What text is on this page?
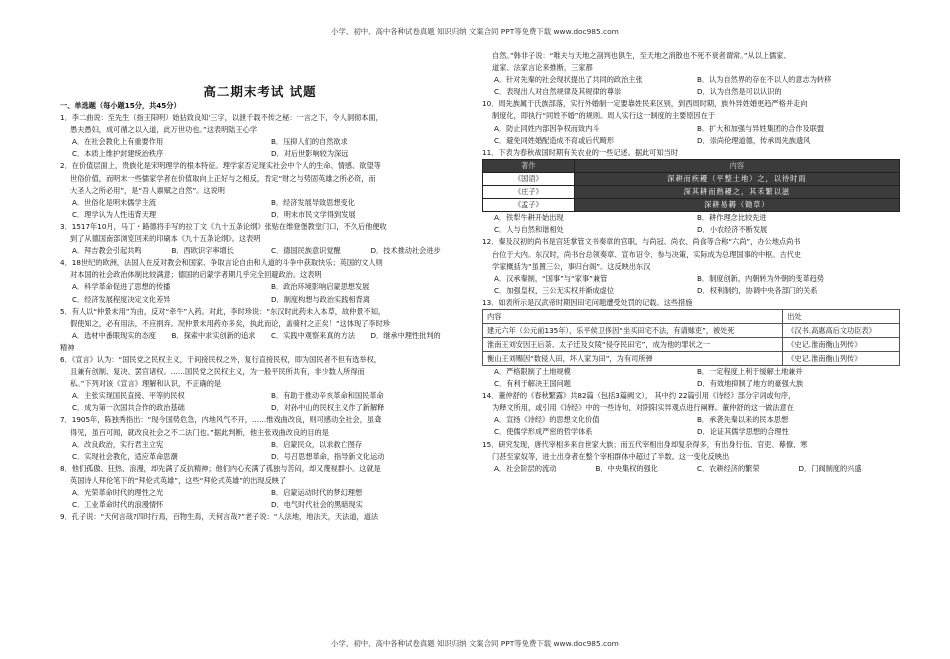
小学、初中、高中各种试卷真题 知识归纳 文案合同 PPT等免费下载 www.doc985.com
高二期末考试 试题

一、单选题（每小题15分，共45分）

1．李二曲说：至先生（指王阳明）始拈致良知'三字，以泄千载不传之秘：一言之下，令人洞彻本面，

愚夫愚妇，成可循之以入道，此万世功也。”这表明陆王心学

A．在社会教化上有重要作用	B．压抑人们的自然欲求
C．本质上维护封建统治秩序	D．对后世影响较为深远

2．在价值层面上，贵族化是宋明理学的根本特征。理学家否定现实社会中个人的生命、情感、欲望等

世俗价值，而明末一些儒家学者在价值取向上正好与之相反，肯定“财之与势固英雄之所必资，而

大圣人之所必用”，是“吾人禀赋之自然”。这说明

A．世俗化是明末儒学主流	B．经济发展导致思想变化
C．理学认为人性违背天理	D．明末市民文学得到发展

3．1517年10月，马丁・路德将手写的拉丁文《九十五条论纲》张贴在维登堡教堂门口，不久后他便收

到了从德国南部浏览回来的印刷本《九十五条论纲》。这表明

A．拜吉教会引起共鸣	B．西欧识字率增长	C．德国民族意识觉醒	D．技术推动社会进步

4．18世纪的欧洲，法国人在反对教会和国家、争取言论自由和人道的斗争中获取快乐；英国的文人则

对本国的社会政治体制比较满意；德国的启蒙学者期几乎完全回避政治。这表明

A．科学革命促进了思想的传播	B．政治环境影响启蒙思想发展
C．经济发展程度决定文化差异	D．制度构想与政治实践相背离

5．有人以“仲景未用”为由，反对“牵牛”入药。对此，李时珍说：“东汉时此药未入本草，故仲景不知，

假使知之，必有用法，不应捐弃。况仲景未用药亦多矣，执此而论，盖骑村之正矣！”这体现了李时珍

A．选材中番眼现实的态度	B．探索中求实创新的追求	C．实践中观察来真的方法	D．继承中理性批判的

精神

6．《宣言》认为：“国民党之民权主义，于间接民权之外，复行直接民权，即为国民者不但有选举权，

且兼有创制、复决、罢官诸权。……国民党之民权主义，为一般平民所共有，非少数人所得而

私。”下列对该《宣言》理解和认识，不正确的是

A．主张实现国民直接、平等的民权	B．有助于推动辛亥革命和国民革命
C．成为第一次国共合作的政治基础	D．对孙中山的民权主义作了新解释

7．1905年，陈独秀指出：“现今国势危急，内地风气不开，……惟戏曲改良，则可感动全社会，虽聋

得见，虽百可闻，就改良社会之不二法门也。”据此判断，他主张戏曲改良的目的是

A．改良政治，实行君主立宪	B．启蒙民众，以求救亡图存
C．实现社会教化，适应革命思潮	D．号召思想革命，指导新文化运动

8．他们孤傲、狂热、浪漫，却先满了反抗精神；他们内心充满了孤独与苦闷，却又蔑视群小。这就是

英国诗人拜伦笔下的“拜伦式英雄”，这些“拜伦式英雄”的出现反映了

A．光荣革命时代的理性之光	B．启蒙运动时代的梦幻理想
C．工业革命时代的浪漫情怀	D．电气时代社会的黑暗现实

9．孔子说：“天何言哉?四时行焉，百物生焉，天何言哉?”老子说：“人法地，地法天，天法道，道法

自然。”韩非子说：“唯夫与天地之剖判也俱生，至天地之消散也不死不衰者谓常。”从以上儒家、

道家、法家言论来推断，三家都

A．针对先秦的社会现状提出了共同的政治主张	B．认为自然界的存在不以人的意志为转移
C．表现出人对自然规律及其规律的尊崇	D．认为自然是可以认识的

10．周先族属于氏族部落，实行外婚制一定要靠姓民来区别，到西周时期，族外异姓婚更趋严格并走向

制度化，即执行“同姓不婚”的规则。周人实行这一制度的主要原因在于

A．防止同姓内部因争权而致内斗	B．扩大和加强与异姓集团的合作及联盟
C．避免同姓婚配造成不育或后代畸形	D．崇尚伦理道德，传承周先族遗风

11．下表为春秋战国时期有关农业的一些记述。据此可知当时

著作	内容
《国语》	深耕而疾耰（平整土地）之，以待时雨
《庄子》	深其耕而熟耰之，其禾繁以滋
《孟子》	深耕易耨（锄草）
A．铁犁牛耕开始出现	B．耕作理念比较先进
C．人与自然和谐相处	D．小农经济不断发展

12．秦及汉初的尚书是宫廷掌管文书奏章的官职，与尚冠、尚衣、尚食等合称“六尚”，办公地点尚书

台位于大内。东汉时，尚书台总领奏章、宣布诏令、参与决策，实际成为总理国事的中枢。古代史

学家概括为“虽置三公，事归台阁”。这反映出东汉

A．汉承秦制，“国事”与“家事”兼管	B．制度创新，内朝转为外朝的变革趋势
C．加强皇权，三公无实权并渐成虚位	D．权利制约，协调中央各部门的关系

13．如表所示是汉武帝时期因田宅问题遭受处罚的记载。这些措施

内容	出处
建元六年（公元前135年），乐平侯卫侈因“坐买田宅不法，有请赇吏”，被处死	《汉书.高惠高后文功臣表》
淮南王刘安因王后荼、太子迁及女陵“侵夺民田宅”，成为他的罪状之一	《史记.淮南衡山列传》
衡山王刘赐因“数侵人田，坏人家为田”，为有司所弹	《史记.淮南衡山列传》
A．严格限制了土地规模	B．一定程度上利于缓解土地兼并
C．有利于解决王国问题	D．有效地抑制了地方的豪强大族

14．董仲舒的《春秋繁露》共82篇（包括3篇阙文）， 其中约 22篇引用《诗经》部分字词或句序，

为释文所用，或引用《诗经》中的一些诗句，对阴阳实异观点进行阐释。董仲舒的这一做法意在

A．宣扬《诗经》的思想文化价值	B．承袭先秦以来的民本思想
C．使儒学形成严密的哲学体系	D．论证其儒学思想的合理性

15．研究发现，唐代宰相多来自世家大族；而五代宰相出身却复杂得多，有出身行伍、官吏、幕僚、寒

门甚至家奴等，进士出身者在整个宰相群体中超过了半数。这一变化反映出

A．社会阶层的流动	B．中央集权的强化	C．农耕经济的繁荣	D．门阀制度的兴盛
小学、初中、高中各种试卷真题 知识归纳 文案合同 PPT等免费下载 www.doc985.com
